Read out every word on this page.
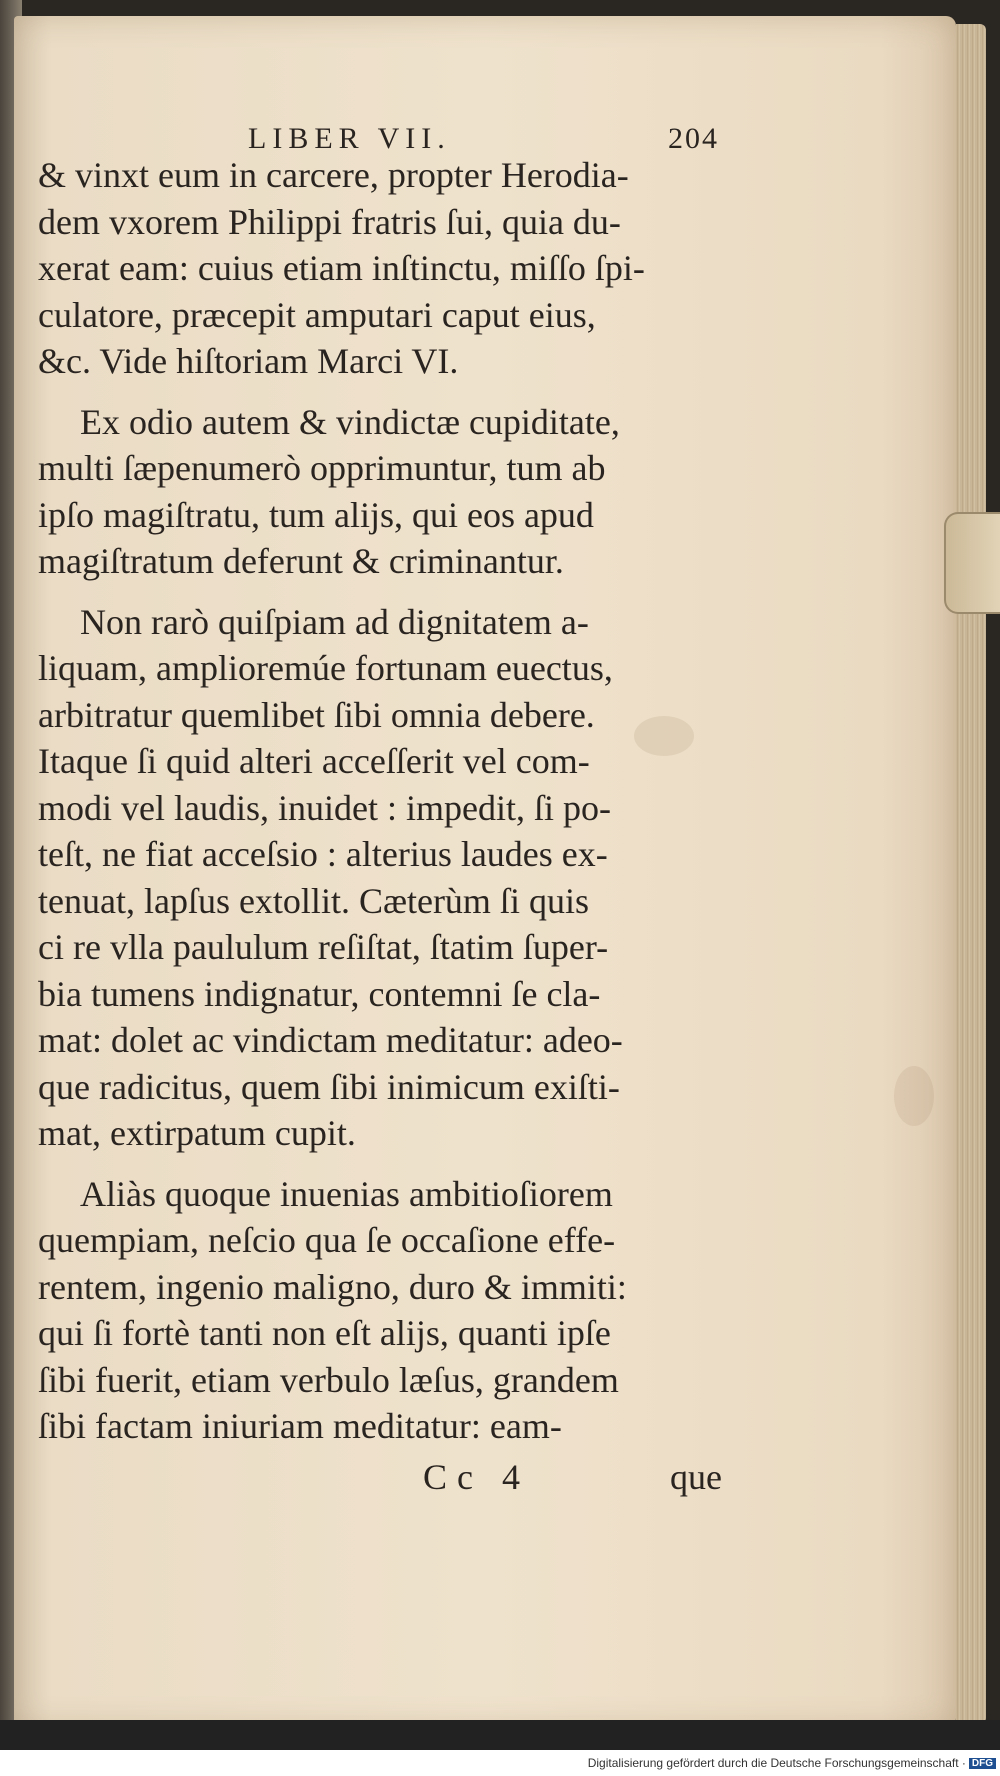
LIBER VII.	204
& vinxt eum in carcere, propter Herodia-
dem vxorem Philippi fratris ſui, quia du-
xerat eam: cuius etiam inſtinctu, miſſo ſpi-
culatore, præcepit amputari caput eius,
&c. Vide hiſtoriam Marci VI.
Ex odio autem & vindictæ cupiditate,
multi ſæpenumerò opprimuntur, tum ab
ipſo magiſtratu, tum alijs, qui eos apud
magiſtratum deferunt & criminantur.
Non rarò quiſpiam ad dignitatem a-
liquam, amplioremúe fortunam euectus,
arbitratur quemlibet ſibi omnia debere.
Itaque ſi quid alteri acceſſerit vel com-
modi vel laudis, inuidet : impedit, ſi po-
teſt, ne fiat acceſsio : alterius laudes ex-
tenuat, lapſus extollit. Cæterùm ſi quis
ci re vlla paululum reſiſtat, ſtatim ſuper-
bia tumens indignatur, contemni ſe cla-
mat: dolet ac vindictam meditatur: adeo-
que radicitus, quem ſibi inimicum exiſti-
mat, extirpatum cupit.
Aliàs quoque inuenias ambitioſiorem
quempiam, neſcio qua ſe occaſione effe-
rentem, ingenio maligno, duro & immiti:
qui ſi fortè tanti non eſt alijs, quanti ipſe
ſibi fuerit, etiam verbulo læſus, grandem
ſibi factam iniuriam meditatur: eam-
Cc 4	que
Digitalisierung gefördert durch die Deutsche Forschungsgemeinschaft · DFG
